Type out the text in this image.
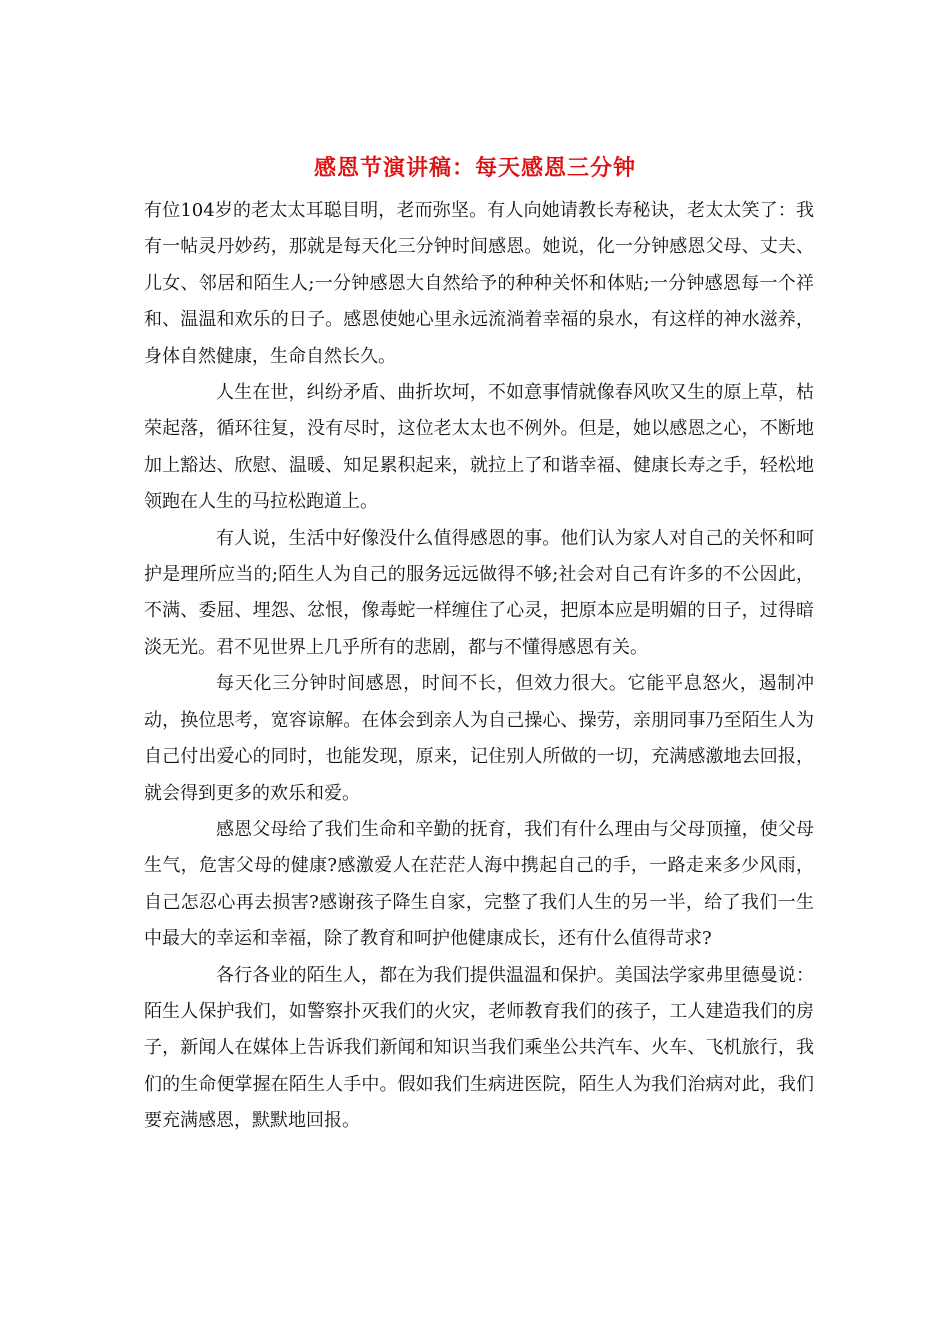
感恩节演讲稿：每天感恩三分钟

有位104岁的老太太耳聪目明，老而弥坚。有人向她请教长寿秘诀，老太太笑了：我有一帖灵丹妙药，那就是每天化三分钟时间感恩。她说，化一分钟感恩父母、丈夫、儿女、邻居和陌生人;一分钟感恩大自然给予的种种关怀和体贴;一分钟感恩每一个祥和、温温和欢乐的日子。感恩使她心里永远流淌着幸福的泉水，有这样的神水滋养，身体自然健康，生命自然长久。

人生在世，纠纷矛盾、曲折坎坷，不如意事情就像春风吹又生的原上草，枯荣起落，循环往复，没有尽时，这位老太太也不例外。但是，她以感恩之心，不断地加上豁达、欣慰、温暖、知足累积起来，就拉上了和谐幸福、健康长寿之手，轻松地领跑在人生的马拉松跑道上。

有人说，生活中好像没什么值得感恩的事。他们认为家人对自己的关怀和呵护是理所应当的;陌生人为自己的服务远远做得不够;社会对自己有许多的不公因此，不满、委屈、埋怨、忿恨，像毒蛇一样缠住了心灵，把原本应是明媚的日子，过得暗淡无光。君不见世界上几乎所有的悲剧，都与不懂得感恩有关。

每天化三分钟时间感恩，时间不长，但效力很大。它能平息怒火，遏制冲动，换位思考，宽容谅解。在体会到亲人为自己操心、操劳，亲朋同事乃至陌生人为自己付出爱心的同时，也能发现，原来，记住别人所做的一切，充满感激地去回报，就会得到更多的欢乐和爱。

感恩父母给了我们生命和辛勤的抚育，我们有什么理由与父母顶撞，使父母生气，危害父母的健康?感激爱人在茫茫人海中携起自己的手，一路走来多少风雨，自己怎忍心再去损害?感谢孩子降生自家，完整了我们人生的另一半，给了我们一生中最大的幸运和幸福，除了教育和呵护他健康成长，还有什么值得苛求?

各行各业的陌生人，都在为我们提供温温和保护。美国法学家弗里德曼说：陌生人保护我们，如警察扑灭我们的火灾，老师教育我们的孩子，工人建造我们的房子，新闻人在媒体上告诉我们新闻和知识当我们乘坐公共汽车、火车、飞机旅行，我们的生命便掌握在陌生人手中。假如我们生病进医院，陌生人为我们治病对此，我们要充满感恩，默默地回报。
